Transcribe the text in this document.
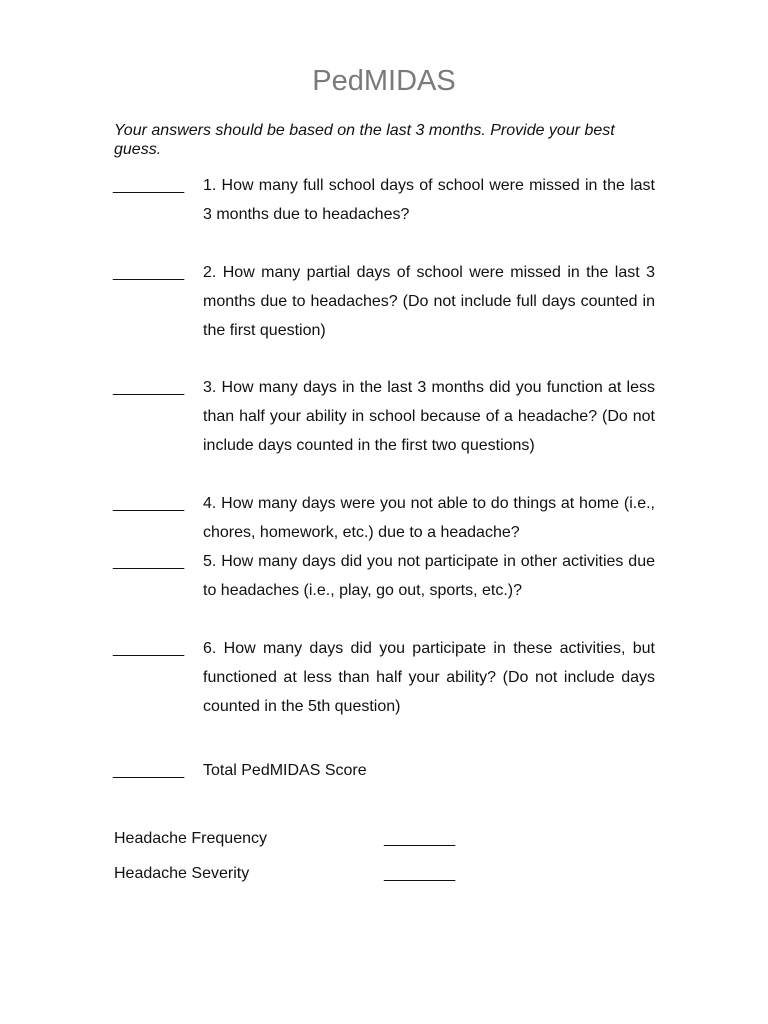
PedMIDAS
Your answers should be based on the last 3 months. Provide your best guess.
________ 1. How many full school days of school were missed in the last 3 months due to headaches?
________ 2. How many partial days of school were missed in the last 3 months due to headaches? (Do not include full days counted in the first question)
________ 3. How many days in the last 3 months did you function at less than half your ability in school because of a headache? (Do not include days counted in the first two questions)
________ 4. How many days were you not able to do things at home (i.e., chores, homework, etc.) due to a headache?
________ 5. How many days did you not participate in other activities due to headaches (i.e., play, go out, sports, etc.)?
________ 6. How many days did you participate in these activities, but functioned at less than half your ability? (Do not include days counted in the 5th question)
________ Total PedMIDAS Score
Headache Frequency	________
Headache Severity	________
